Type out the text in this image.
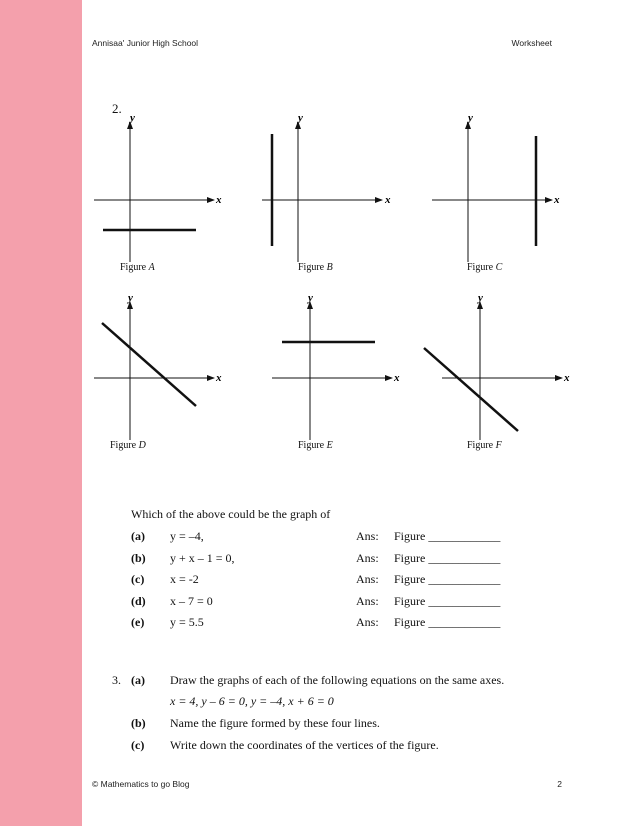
Annisaa' Junior High School	Worksheet
2.
x
y
x
y
x
y
x
y
x
y
x
y
Figure A	Figure B	Figure C
Figure D	Figure E	Figure F
Which of the above could be the graph of
(a) y = –4,	Ans: Figure ____________
(b) y + x – 1 = 0,	Ans: Figure ____________
(c) x = -2	Ans: Figure ____________
(d) x – 7 = 0	Ans: Figure ____________
(e) y = 5.5	Ans: Figure ____________
3. (a) Draw the graphs of each of the following equations on the same axes.
x = 4, y – 6 = 0, y = –4, x + 6 = 0
(b) Name the figure formed by these four lines.
(c) Write down the coordinates of the vertices of the figure.
© Mathematics to go Blog	2
